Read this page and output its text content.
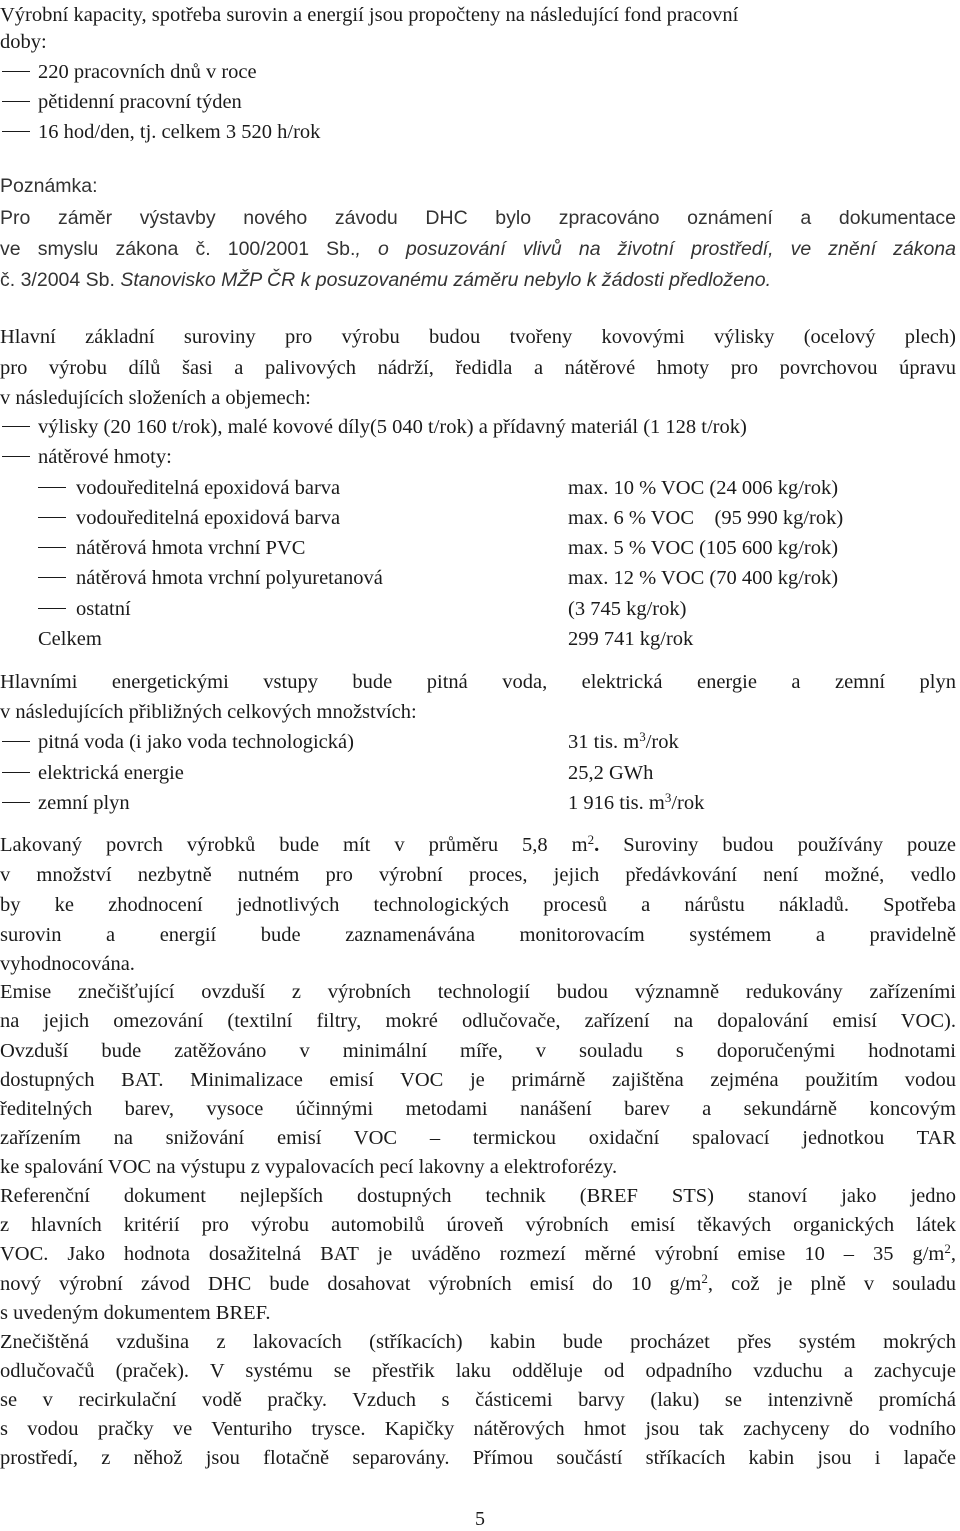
Výrobní kapacity, spotřeba surovin a energií jsou propočteny na následující fond pracovní
doby:
220 pracovních dnů v roce
pětidenní pracovní týden
16 hod/den, tj. celkem 3 520 h/rok
Poznámka:
Pro záměr výstavby nového závodu DHC bylo zpracováno oznámení a dokumentace
ve smyslu zákona č. 100/2001 Sb., o posuzování vlivů na životní prostředí, ve znění zákona
č. 3/2004 Sb. Stanovisko MŽP ČR k posuzovanému záměru nebylo k žádosti předloženo.
Hlavní základní suroviny pro výrobu budou tvořeny kovovými výlisky (ocelový plech)
pro výrobu dílů šasi a palivových nádrží, ředidla a nátěrové hmoty pro povrchovou úpravu
v následujících složeních a objemech:
výlisky (20 160 t/rok), malé kovové díly(5 040 t/rok) a přídavný materiál (1 128 t/rok)
nátěrové hmoty:
vodouředitelná epoxidová barva	max. 10 % VOC (24 006 kg/rok)
vodouředitelná epoxidová barva	max. 6 % VOC    (95 990 kg/rok)
nátěrová hmota vrchní PVC	max. 5 % VOC (105 600 kg/rok)
nátěrová hmota vrchní polyuretanová	max. 12 % VOC (70 400 kg/rok)
ostatní	(3 745 kg/rok)
Celkem	299 741 kg/rok
Hlavními energetickými vstupy bude pitná voda, elektrická energie a zemní plyn
v následujících přibližných celkových množstvích:
pitná voda (i jako voda technologická)	31 tis. $m^3$/rok
elektrická energie	25,2 GWh
zemní plyn	1 916 tis. $m^3$/rok
Lakovaný povrch výrobků bude mít v průměru 5,8 $m^2$. Suroviny budou používány pouze
v množství nezbytně nutném pro výrobní proces, jejich předávkování není možné, vedlo
by ke zhodnocení jednotlivých technologických procesů a nárůstu nákladů. Spotřeba
surovin a energií bude zaznamenávána monitorovacím systémem a pravidelně
vyhodnocována.
Emise znečišťující ovzduší z výrobních technologií budou významně redukovány zařízeními
na jejich omezování (textilní filtry, mokré odlučovače, zařízení na dopalování emisí VOC).
Ovzduší bude zatěžováno v minimální míře, v souladu s doporučenými hodnotami
dostupných BAT. Minimalizace emisí VOC je primárně zajištěna zejména použitím vodou
ředitelných barev, vysoce účinnými metodami nanášení barev a sekundárně koncovým
zařízením na snižování emisí VOC – termickou oxidační spalovací jednotkou TAR
ke spalování VOC na výstupu z vypalovacích pecí lakovny a elektroforézy.
Referenční dokument nejlepších dostupných technik (BREF STS) stanoví jako jedno
z hlavních kritérií pro výrobu automobilů úroveň výrobních emisí těkavých organických látek
VOC. Jako hodnota dosažitelná BAT je uváděno rozmezí měrné výrobní emise 10 – 35 $g/m^2$,
nový výrobní závod DHC bude dosahovat výrobních emisí do 10 $g/m^2$, což je plně v souladu
s uvedeným dokumentem BREF.
Znečištěná vzdušina z lakovacích (stříkacích) kabin bude procházet přes systém mokrých
odlučovačů (praček). V systému se přestřik laku odděluje od odpadního vzduchu a zachycuje
se v recirkulační vodě pračky. Vzduch s částicemi barvy (laku) se intenzivně promíchá
s vodou pračky ve Venturiho trysce. Kapičky nátěrových hmot jsou tak zachyceny do vodního
prostředí, z něhož jsou flotačně separovány. Přímou součástí stříkacích kabin jsou i lapače
5
